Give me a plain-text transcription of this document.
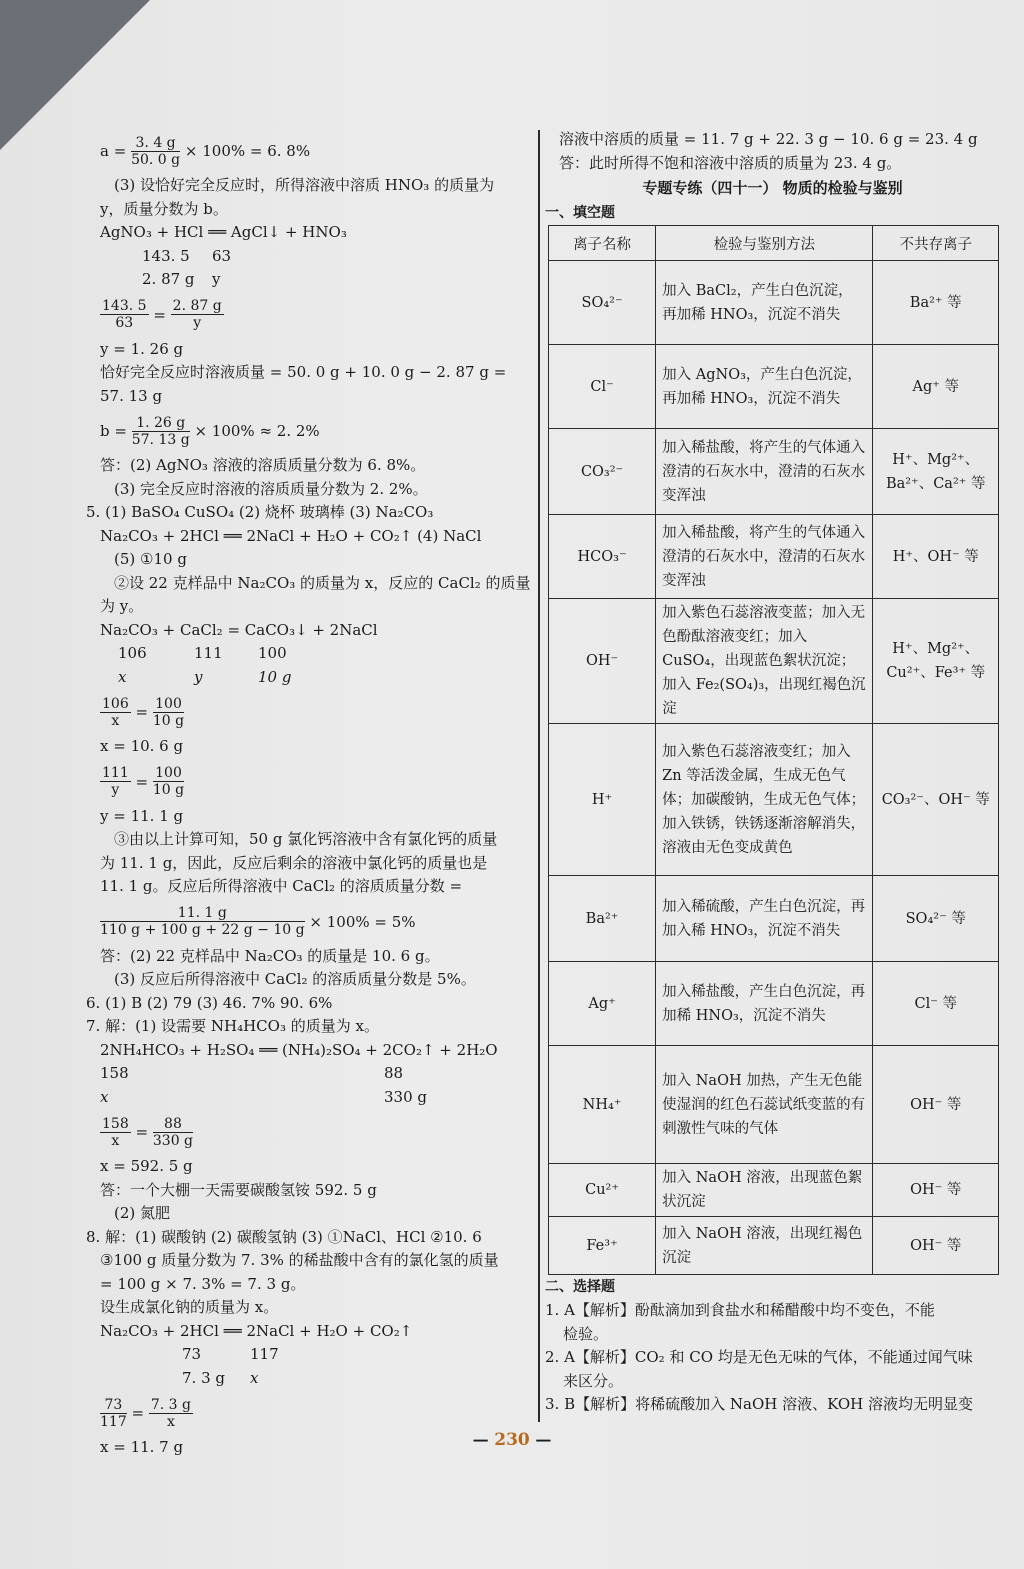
a =
$\frac{3. 4 g}{50. 0 g}$
× 100% = 6. 8%
(3) 设恰好完全反应时，所得溶液中溶质 HNO₃ 的质量为
y，质量分数为 b。
AgNO₃ + HCl ══ AgCl↓ + HNO₃
143. 5 63
2. 87 g y
$\frac{143. 5}{63}$
=
$\frac{2. 87 g}{y}$
y = 1. 26 g
恰好完全反应时溶液质量 = 50. 0 g + 10. 0 g − 2. 87 g =
57. 13 g
b =
$\frac{1. 26 g}{57. 13 g}$
× 100% ≈ 2. 2%
答：(2) AgNO₃ 溶液的溶质质量分数为 6. 8%。
(3) 完全反应时溶液的溶质质量分数为 2. 2%。
5. (1) BaSO₄ CuSO₄ (2) 烧杯 玻璃棒 (3) Na₂CO₃
Na₂CO₃ + 2HCl ══ 2NaCl + H₂O + CO₂↑ (4) NaCl
(5) ①10 g
②设 22 克样品中 Na₂CO₃ 的质量为 x，反应的 CaCl₂ 的质量
为 y。
Na₂CO₃ + CaCl₂ = CaCO₃↓ + 2NaCl
106	111 100
x	y	10 g
$\frac{106}{x}$
=
$\frac{100}{10 g}$
x = 10. 6 g
$\frac{111}{y}$
=
$\frac{100}{10 g}$
y = 11. 1 g
③由以上计算可知，50 g 氯化钙溶液中含有氯化钙的质量
为 11. 1 g，因此，反应后剩余的溶液中氯化钙的质量也是
11. 1 g。反应后所得溶液中 CaCl₂ 的溶质质量分数 =
$\frac{11. 1 g}{110 g + 100 g + 22 g - 10 g}$
× 100% = 5%
答：(2) 22 克样品中 Na₂CO₃ 的质量是 10. 6 g。
(3) 反应后所得溶液中 CaCl₂ 的溶质质量分数是 5%。
6. (1) B (2) 79 (3) 46. 7% 90. 6%
7. 解：(1) 设需要 NH₄HCO₃ 的质量为 x。
2NH₄HCO₃ + H₂SO₄ ══ (NH₄)₂SO₄ + 2CO₂↑ + 2H₂O
158	88
x	330 g
$\frac{158}{x}$
=
$\frac{88}{330 g}$
x = 592. 5 g
答：一个大棚一天需要碳酸氢铵 592. 5 g
(2) 氮肥
8. 解：(1) 碳酸钠 (2) 碳酸氢钠 (3) ①NaCl、HCl ②10. 6
③100 g 质量分数为 7. 3% 的稀盐酸中含有的氯化氢的质量
= 100 g × 7. 3% = 7. 3 g。
设生成氯化钠的质量为 x。
Na₂CO₃ + 2HCl ══ 2NaCl + H₂O + CO₂↑
73	117
7. 3 g x
$\frac{73}{117}$
=
$\frac{7. 3 g}{x}$
x = 11. 7 g
溶液中溶质的质量 = 11. 7 g + 22. 3 g − 10. 6 g = 23. 4 g
答：此时所得不饱和溶液中溶质的质量为 23. 4 g。
专题专练（四十一） 物质的检验与鉴别
一、填空题
离子名称	检验与鉴别方法	不共存离子
SO₄²⁻	加入 BaCl₂，产生白色沉淀，再加稀 HNO₃，沉淀不消失	Ba²⁺ 等
Cl⁻	加入 AgNO₃，产生白色沉淀，再加稀 HNO₃，沉淀不消失	Ag⁺ 等
CO₃²⁻	加入稀盐酸，将产生的气体通入澄清的石灰水中，澄清的石灰水变浑浊	H⁺、Mg²⁺、Ba²⁺、Ca²⁺ 等
HCO₃⁻	加入稀盐酸，将产生的气体通入澄清的石灰水中，澄清的石灰水变浑浊	H⁺、OH⁻ 等
OH⁻	加入紫色石蕊溶液变蓝；加入无色酚酞溶液变红；加入 CuSO₄，出现蓝色絮状沉淀；加入 Fe₂(SO₄)₃，出现红褐色沉淀	H⁺、Mg²⁺、Cu²⁺、Fe³⁺ 等
H⁺	加入紫色石蕊溶液变红；加入 Zn 等活泼金属，生成无色气体；加碳酸钠，生成无色气体；加入铁锈，铁锈逐渐溶解消失，溶液由无色变成黄色	CO₃²⁻、OH⁻ 等
Ba²⁺	加入稀硫酸，产生白色沉淀，再加入稀 HNO₃，沉淀不消失	SO₄²⁻ 等
Ag⁺	加入稀盐酸，产生白色沉淀，再加稀 HNO₃，沉淀不消失	Cl⁻ 等
NH₄⁺	加入 NaOH 加热，产生无色能使湿润的红色石蕊试纸变蓝的有刺激性气味的气体	OH⁻ 等
Cu²⁺	加入 NaOH 溶液，出现蓝色絮状沉淀	OH⁻ 等
Fe³⁺	加入 NaOH 溶液，出现红褐色沉淀	OH⁻ 等
二、选择题
1. A【解析】酚酞滴加到食盐水和稀醋酸中均不变色，不能
检验。
2. A【解析】CO₂ 和 CO 均是无色无味的气体，不能通过闻气味
来区分。
3. B【解析】将稀硫酸加入 NaOH 溶液、KOH 溶液均无明显变
— 230 —
